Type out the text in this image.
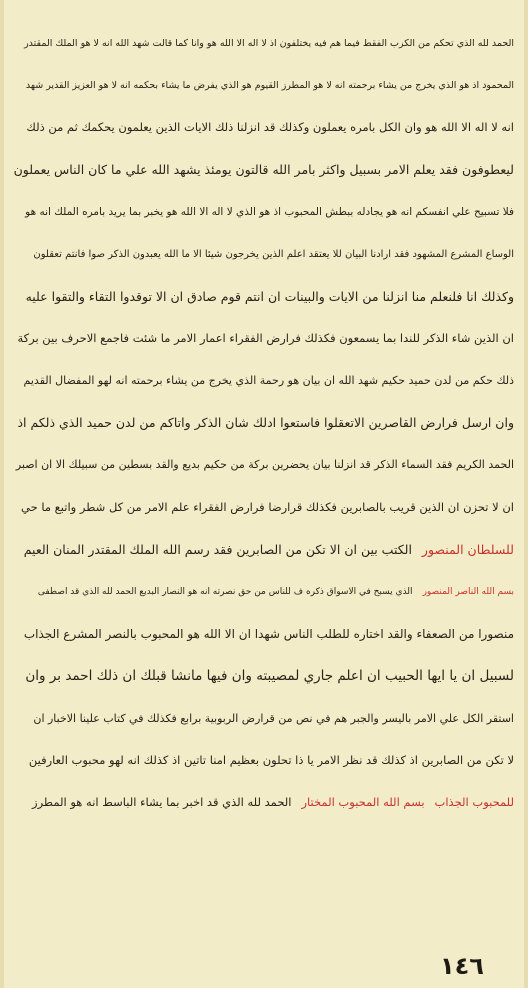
الحمد لله الذي تحكم من الكرب الفقط فيما هم فيه يختلفون اذ لا اله الا الله هو وانا كما قالت شهد الله انه لا هو الملك المقتدر
المحمود اذ هو الذي يخرج من يشاء برحمته انه لا هو المطرز القيوم هو الذي يفرض ما يشاء بحكمه انه لا هو العزيز القدير شهد
انه لا اله الا الله هو وان الكل بامره يعملون وكذلك قد انزلنا ذلك الايات الذين يعلمون يحكمك ثم من ذلك
ليعطوفون فقد يعلم الامر بسبيل واكثر بامر الله قالتون يومئذ يشهد الله علي ما كان الناس يعملون
فلا تسبيح علي انفسكم انه هو يجادله ببطش المحبوب اذ هو الذي لا اله الا الله هو يخبر بما يريد بامره الملك انه هو
الوساع المشرع المشهود فقد ارادنا البيان للا يعتقد اعلم الذين يخرجون شيئا الا ما الله يعبدون الذكر صوا فانتم تعقلون
وكذلك انا فلنعلم منا انزلنا من الايات والبينات ان انتم قوم صادق ان الا توقدوا التقاء والتقوا عليه
ان الذين شاء الذكر للندا بما يسمعون فكذلك فرارض الفقراء اعمار الامر ما شئت فاجمع الاحرف بين بركة
ذلك حكم من لدن حميد حكيم شهد الله ان بيان هو رحمة الذي يخرج من يشاء برحمته انه لهو المفضال القديم
وان ارسل فرارض القاصرين الاتعقلوا فاستعوا ادلك شان الذكر واتاكم من لدن حميد الذي ذلكم اذ
الحمد الكريم فقد السماء الذكر قد انزلنا بيان يحضرين بركة من حكيم بديع والقد بسطين من سبيلك الا ان اصبر
ان لا تحزن ان الذين قريب بالصابرين فكذلك قرارضا فرارض الفقراء علم الامر من كل شطر واتبع ما حي
للسلطان المنصور
الكتب بين ان الا تكن من الصابرين فقد رسم الله الملك المقتدر المنان العيم
بسم الله الناصر المنصور
الذي يسبح في الاسواق ذكره ف للناس من حق نصرته انه هو النصار البديع الحمد لله الذي قد اصطفى
منصورا من الصعفاء والقد اختاره للطلب الناس شهدا ان الا الله هو المحبوب بالنصر المشرع الجذاب
لسبيل ان يا ايها الحبيب ان اعلم جاري لمصيبته وان فيها مانشا قبلك ان ذلك احمد بر وان
استقر الكل علي الامر باليسر والجبر هم في نص من قرارض الربوبية برابع فكذلك في كتاب علينا الاخبار ان
لا تكن من الصابرين اذ كذلك قد نظر الامر يا ذا تحلون بعظيم امنا تاتين اذ كذلك انه لهو محبوب العارفين
للمحبوب الجذاب
بسم الله المحبوب المختار
الحمد لله الذي قد اخبر بما يشاء الباسط انه هو المطرز
١٤٦
